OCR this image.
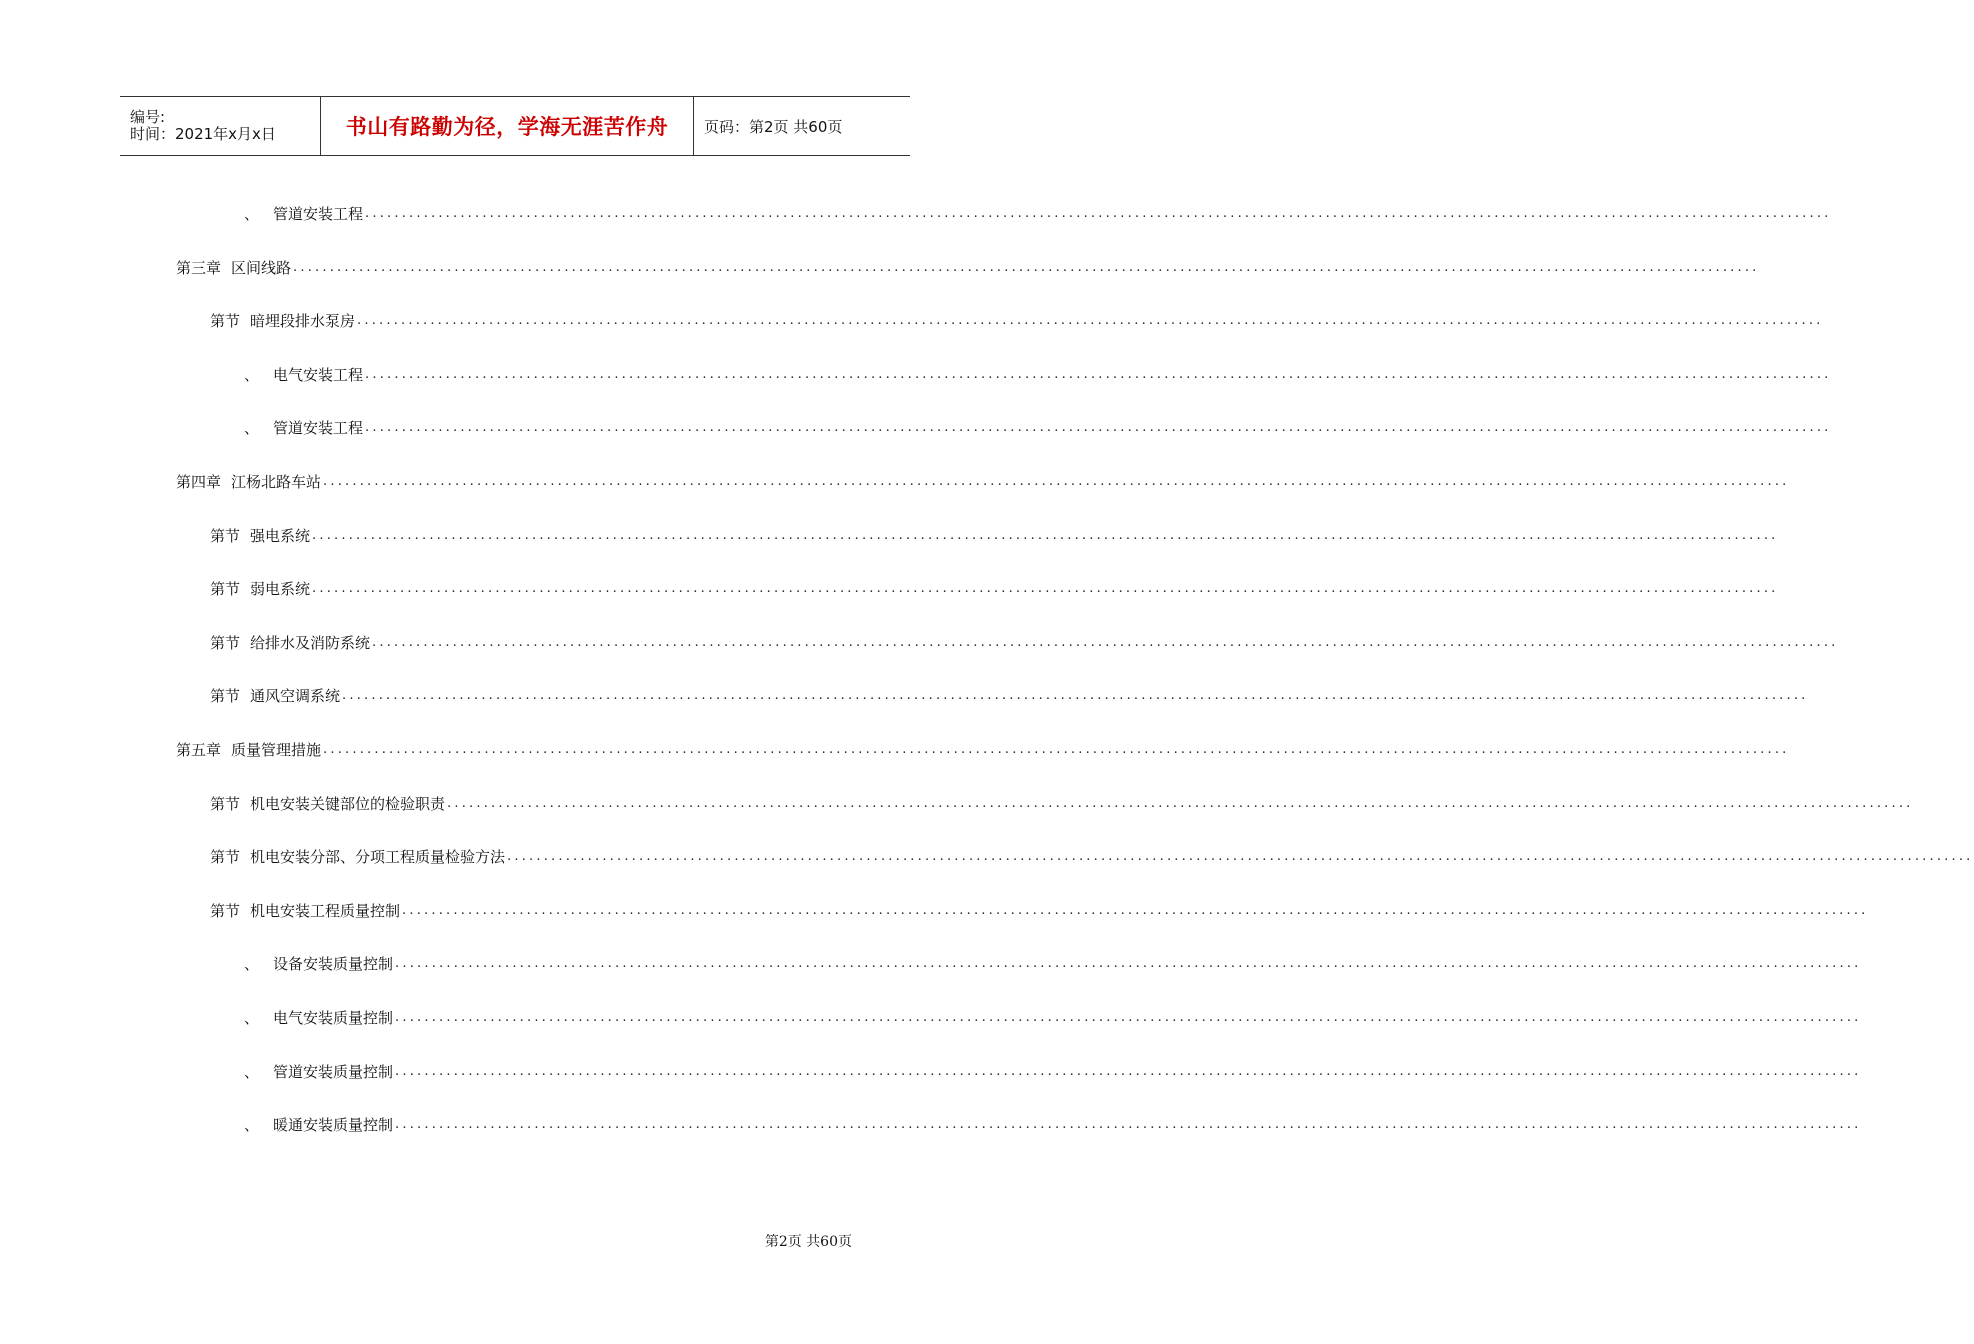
编号:
时间：2021年x月x日	书山有路勤为径，学海无涯苦作舟 页码：第2页 共60页
、 管道安装工程 ........................................................................................................................................................................................................
第三章 区间线路 ........................................................................................................................................................................................................
第节 暗埋段排水泵房 ........................................................................................................................................................................................................
、 电气安装工程 ........................................................................................................................................................................................................
、 管道安装工程 ........................................................................................................................................................................................................
第四章 江杨北路车站 ........................................................................................................................................................................................................
第节 强电系统 ........................................................................................................................................................................................................
第节 弱电系统 ........................................................................................................................................................................................................
第节 给排水及消防系统 ........................................................................................................................................................................................................
第节 通风空调系统 ........................................................................................................................................................................................................
第五章 质量管理措施 ........................................................................................................................................................................................................
第节 机电安装关键部位的检验职责 ........................................................................................................................................................................................................
第节 机电安装分部、分项工程质量检验方法 ........................................................................................................................................................................................................
第节 机电安装工程质量控制 ........................................................................................................................................................................................................
、 设备安装质量控制 ........................................................................................................................................................................................................
、 电气安装质量控制 ........................................................................................................................................................................................................
、 管道安装质量控制 ........................................................................................................................................................................................................
、 暖通安装质量控制 ........................................................................................................................................................................................................
第2页 共60页
